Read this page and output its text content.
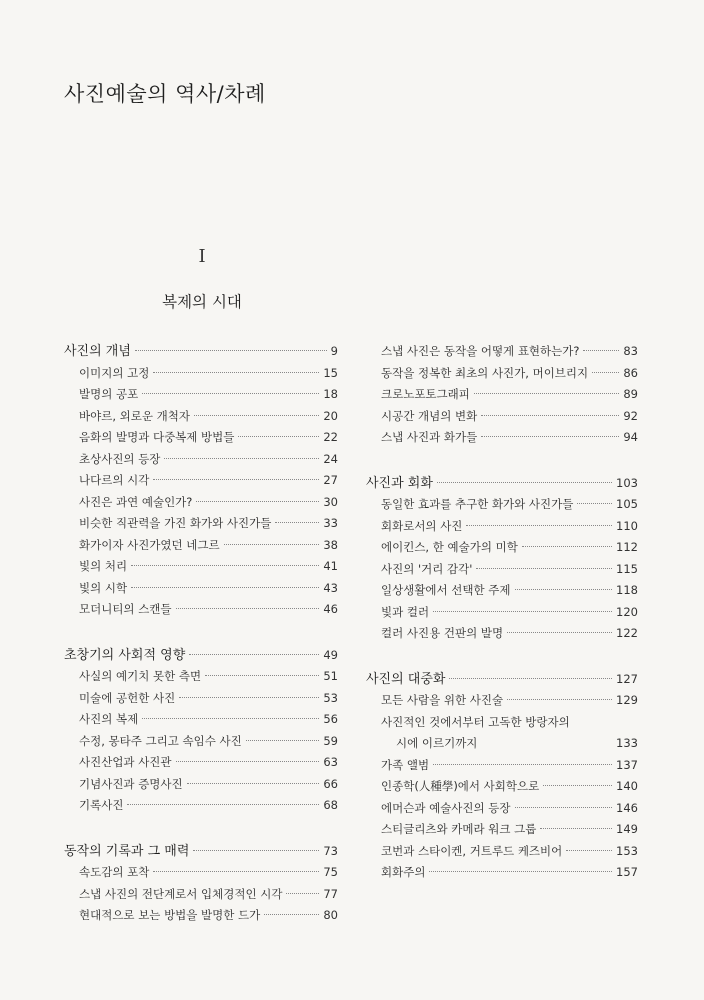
사진예술의 역사/차례
I
복제의 시대
사진의 개념	9
이미지의 고정	15
발명의 공포	18
바야르, 외로운 개척자	20
음화의 발명과 다중복제 방법들	22
초상사진의 등장	24
나다르의 시각	27
사진은 과연 예술인가?	30
비슷한 직관력을 가진 화가와 사진가들	33
화가이자 사진가였던 네그르	38
빛의 처리	41
빛의 시학	43
모더니티의 스캔들	46
초창기의 사회적 영향	49
사실의 예기치 못한 측면	51
미술에 공헌한 사진	53
사진의 복제	56
수정, 몽타주 그리고 속임수 사진	59
사진산업과 사진관	63
기념사진과 증명사진	66
기록사진	68
동작의 기록과 그 매력	73
속도감의 포착	75
스냅 사진의 전단계로서 입체경적인 시각	77
현대적으로 보는 방법을 발명한 드가	80
스냅 사진은 동작을 어떻게 표현하는가?	83
동작을 정복한 최초의 사진가, 머이브리지	86
크로노포토그래피	89
시공간 개념의 변화	92
스냅 사진과 화가들	94
사진과 회화	103
동일한 효과를 추구한 화가와 사진가들	105
회화로서의 사진	110
에이킨스, 한 예술가의 미학	112
사진의 '거리 감각'	115
일상생활에서 선택한 주제	118
빛과 컬러	120
컬러 사진용 건판의 발명	122
사진의 대중화	127
모든 사람을 위한 사진술	129
사진적인 것에서부터 고독한 방랑자의
시에 이르기까지	133
가족 앨범	137
인종학(人種學)에서 사회학으로	140
에머슨과 예술사진의 등장	146
스티글리츠와 카메라 워크 그룹	149
코번과 스타이켄, 거트루드 케즈비어	153
회화주의	157
